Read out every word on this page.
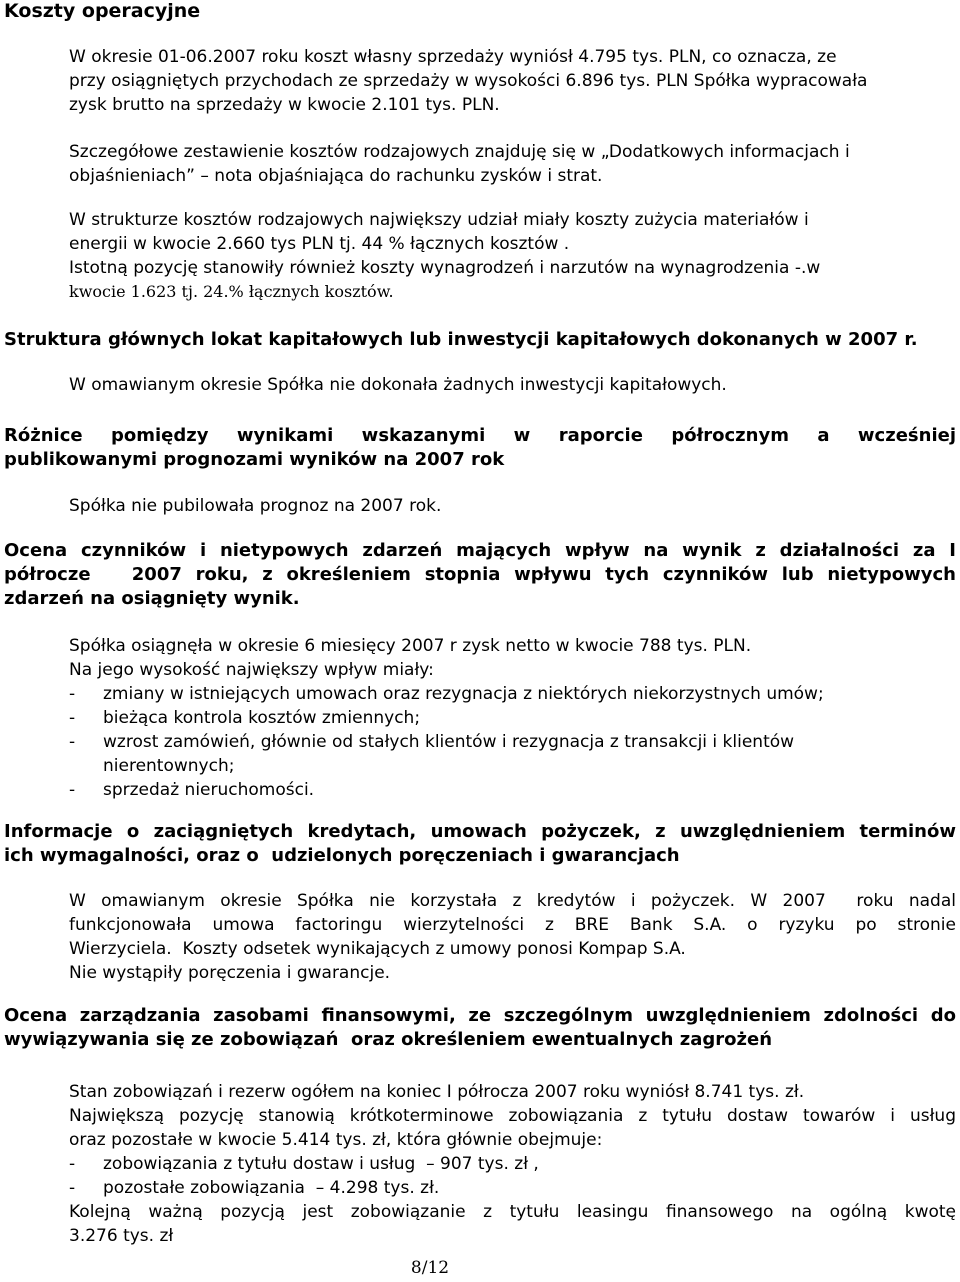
Koszty operacyjne

W okresie 01-06.2007 roku koszt własny sprzedaży wyniósł 4.795 tys. PLN, co oznacza, ze

przy osiągniętych przychodach ze sprzedaży w wysokości 6.896 tys. PLN Spółka wypracowała

zysk brutto na sprzedaży w kwocie 2.101 tys. PLN.

Szczegółowe zestawienie kosztów rodzajowych znajduję się w „Dodatkowych informacjach i

objaśnieniach” – nota objaśniająca do rachunku zysków i strat.

W strukturze kosztów rodzajowych największy udział miały koszty zużycia materiałów i

energii w kwocie 2.660 tys PLN tj. 44 % łącznych kosztów .

Istotną pozycję stanowiły również koszty wynagrodzeń i narzutów na wynagrodzenia -.w

kwocie 1.623 tj. 24.% łącznych kosztów.

Struktura głównych lokat kapitałowych lub inwestycji kapitałowych dokonanych w 2007 r.

W omawianym okresie Spółka nie dokonała żadnych inwestycji kapitałowych.

Różnice pomiędzy wynikami wskazanymi w raporcie półrocznym a wcześniej
publikowanymi prognozami wyników na 2007 rok

Spółka nie pubilowała prognoz na 2007 rok.

Ocena czynników i nietypowych zdarzeń mających wpływ na wynik z działalności za I
półrocze   2007 roku, z określeniem stopnia wpływu tych czynników lub nietypowych
zdarzeń na osiągnięty wynik.

Spółka osiągnęła w okresie 6 miesięcy 2007 r zysk netto w kwocie 788 tys. PLN.

Na jego wysokość największy wpływ miały:

- zmiany w istniejących umowach oraz rezygnacja z niektórych niekorzystnych umów;
- bieżąca kontrola kosztów zmiennych;
- wzrost zamówień, głównie od stałych klientów i rezygnacja z transakcji i klientów
nierentownych;
- sprzedaż nieruchomości.
Informacje o zaciągniętych kredytach, umowach pożyczek, z uwzględnieniem terminów
ich wymagalności, oraz o  udzielonych poręczeniach i gwarancjach

W omawianym okresie Spółka nie korzystała z kredytów i pożyczek. W 2007  roku nadal

funkcjonowała umowa factoringu wierzytelności z BRE Bank S.A. o ryzyku po stronie

Wierzyciela.  Koszty odsetek wynikających z umowy ponosi Kompap S.A.

Nie wystąpiły poręczenia i gwarancje.

Ocena zarządzania zasobami finansowymi, ze szczególnym uwzględnieniem zdolności do
wywiązywania się ze zobowiązań  oraz określeniem ewentualnych zagrożeń

Stan zobowiązań i rezerw ogółem na koniec I półrocza 2007 roku wyniósł 8.741 tys. zł.

Największą pozycję stanowią krótkoterminowe zobowiązania z tytułu dostaw towarów i usług

oraz pozostałe w kwocie 5.414 tys. zł, która głównie obejmuje:

- zobowiązania z tytułu dostaw i usług  – 907 tys. zł ,
- pozostałe zobowiązania  – 4.298 tys. zł.

Kolejną ważną pozycją jest zobowiązanie z tytułu leasingu finansowego na ogólną kwotę

3.276 tys. zł

8/12
